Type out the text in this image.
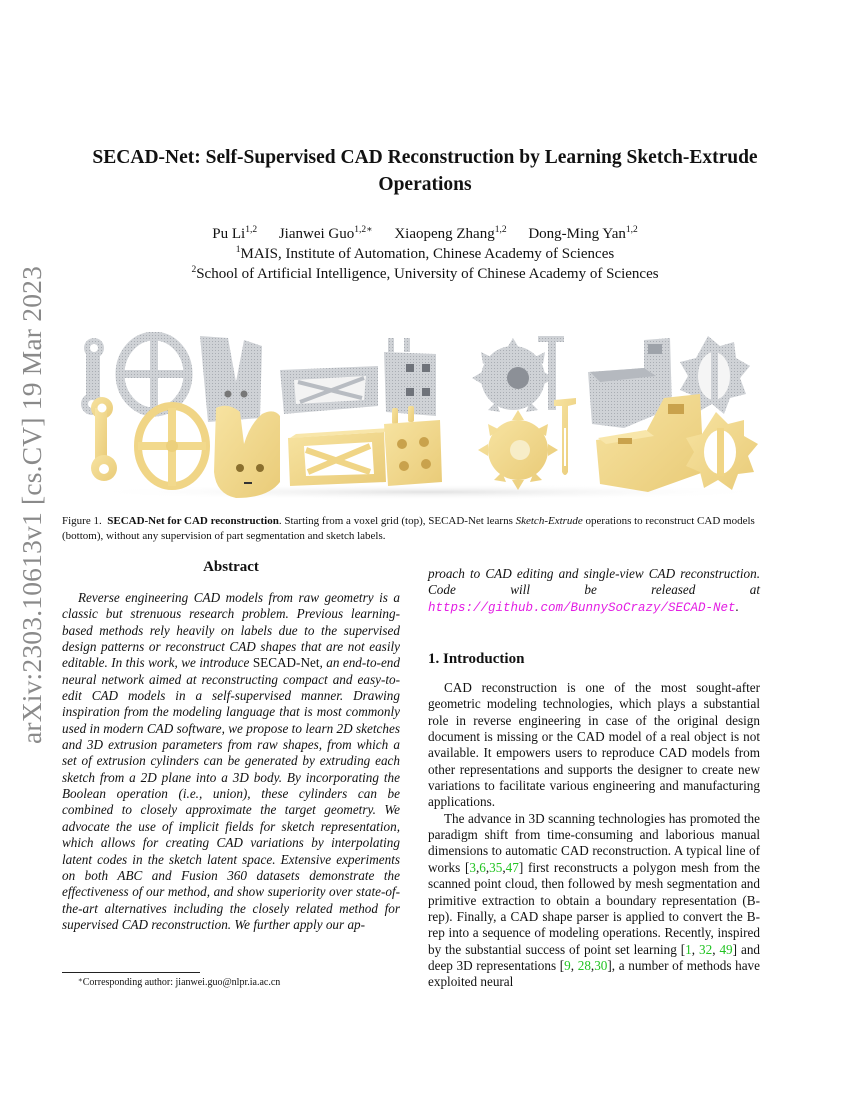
arXiv:2303.10613v1 [cs.CV] 19 Mar 2023
SECAD-Net: Self-Supervised CAD Reconstruction by Learning Sketch-Extrude
Operations
Pu Li$^{1,2}$ Jianwei Guo$^{1,2∗}$ Xiaopeng Zhang$^{1,2}$ Dong-Ming Yan$^{1,2}$
$^1$MAIS, Institute of Automation, Chinese Academy of Sciences
$^2$School of Artificial Intelligence, University of Chinese Academy of Sciences
Figure 1. SECAD-Net for CAD reconstruction. Starting from a voxel grid (top), SECAD-Net learns Sketch-Extrude operations to reconstruct CAD models (bottom), without any supervision of part segmentation and sketch labels.
Abstract
Reverse engineering CAD models from raw geometry is a classic but strenuous research problem. Previous learning-based methods rely heavily on labels due to the supervised design patterns or reconstruct CAD shapes that are not easily editable. In this work, we introduce SECAD-Net, an end-to-end neural network aimed at reconstructing compact and easy-to-edit CAD models in a self-supervised manner. Drawing inspiration from the modeling language that is most commonly used in modern CAD software, we propose to learn 2D sketches and 3D extrusion parameters from raw shapes, from which a set of extrusion cylinders can be generated by extruding each sketch from a 2D plane into a 3D body. By incorporating the Boolean operation (i.e., union), these cylinders can be combined to closely approximate the target geometry. We advocate the use of implicit fields for sketch representation, which allows for creating CAD variations by interpolating latent codes in the sketch latent space. Extensive experiments on both ABC and Fusion 360 datasets demonstrate the effectiveness of our method, and show superiority over state-of-the-art alternatives including the closely related method for supervised CAD reconstruction. We further apply our ap-
∗Corresponding author: jianwei.guo@nlpr.ia.ac.cn
proach to CAD editing and single-view CAD reconstruction. Code will be released at https://github.com/BunnySoCrazy/SECAD-Net.
1. Introduction
CAD reconstruction is one of the most sought-after geometric modeling technologies, which plays a substantial role in reverse engineering in case of the original design document is missing or the CAD model of a real object is not available. It empowers users to reproduce CAD models from other representations and supports the designer to create new variations to facilitate various engineering and manufacturing applications.
The advance in 3D scanning technologies has promoted the paradigm shift from time-consuming and laborious manual dimensions to automatic CAD reconstruction. A typical line of works [3,6,35,47] first reconstructs a polygon mesh from the scanned point cloud, then followed by mesh segmentation and primitive extraction to obtain a boundary representation (B-rep). Finally, a CAD shape parser is applied to convert the B-rep into a sequence of modeling operations. Recently, inspired by the substantial success of point set learning [1, 32, 49] and deep 3D representations [9, 28,30], a number of methods have exploited neural
